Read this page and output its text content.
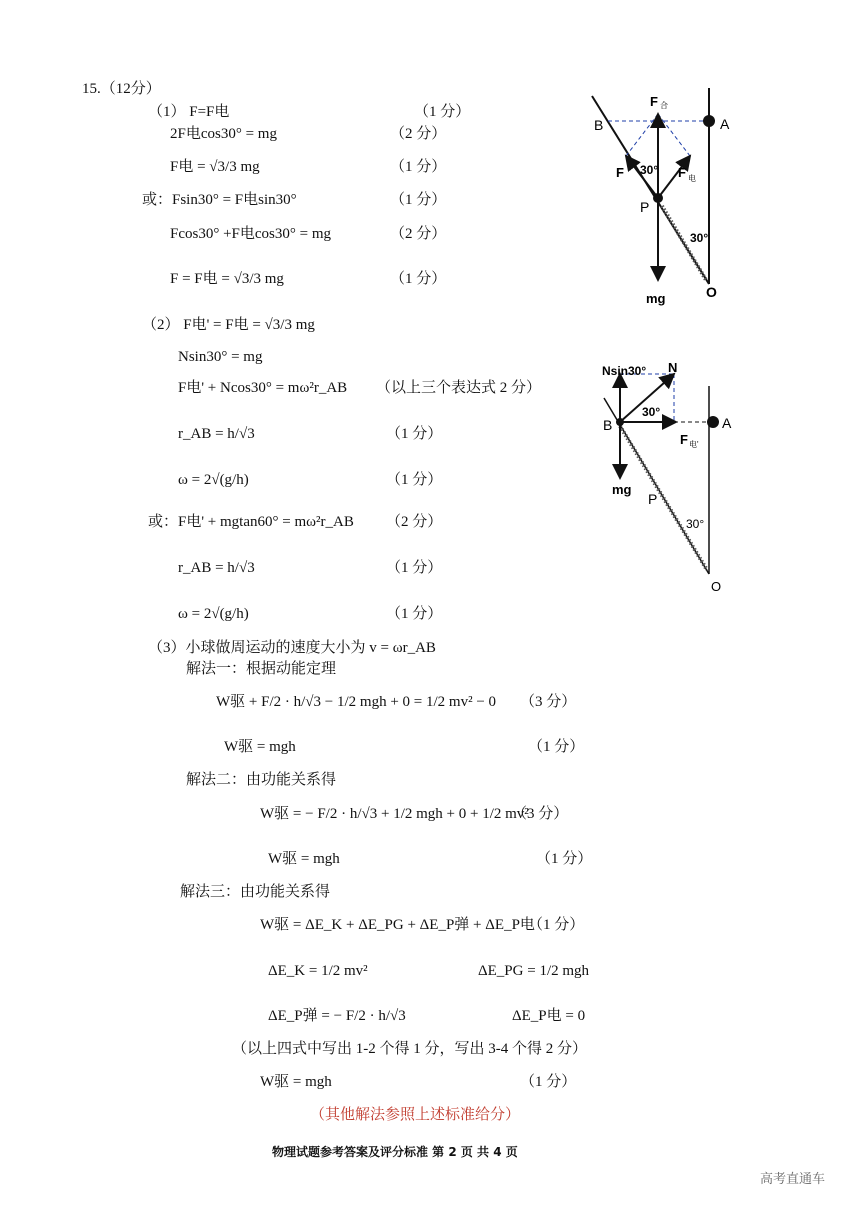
15.（12分）
（1） F=F电	（1 分）
2F电cos30° = mg	（2 分）
F电 = √3/3 mg	（1 分）
或：Fsin30° = F电sin30°	（1 分）
Fcos30° +F电cos30° = mg	（2 分）
F = F电 = √3/3 mg	（1 分）
（2） F电' = F电 = √3/3 mg
Nsin30° = mg
F电' + Ncos30° = mω²r_AB （以上三个表达式 2 分）
r_AB = h/√3	（1 分）
ω = 2√(g/h)	（1 分）
或：F电' + mgtan60° = mω²r_AB （2 分）
r_AB = h/√3	（1 分）
ω = 2√(g/h)	（1 分）
（3）小球做周运动的速度大小为 v = ωr_AB
解法一：根据动能定理
W驱 + F/2 · h/√3 − 1/2 mgh + 0 = 1/2 mv² − 0 （3 分）
W驱 = mgh	（1 分）
解法二：由功能关系得
W驱 = − F/2 · h/√3 + 1/2 mgh + 0 + 1/2 mv²
（3 分）
W驱 = mgh	（1 分）
解法三：由功能关系得
W驱 = ΔE_K + ΔE_PG + ΔE_P弹 + ΔE_P电
（1 分）
ΔE_K = 1/2 mv²	ΔE_PG = 1/2 mgh
ΔE_P弹 = − F/2 · h/√3	ΔE_P电 = 0
（以上四式中写出 1-2 个得 1 分，写出 3-4 个得 2 分）
W驱 = mgh	（1 分）
（其他解法参照上述标准给分）
物理试题参考答案及评分标准 第 2 页 共 4 页
高考直通车
B	A
P
O
F 合
F	F 电
30°
30°
mg
Nsin30° N
30°
B	A
F 电'
mg
P
30°
O
